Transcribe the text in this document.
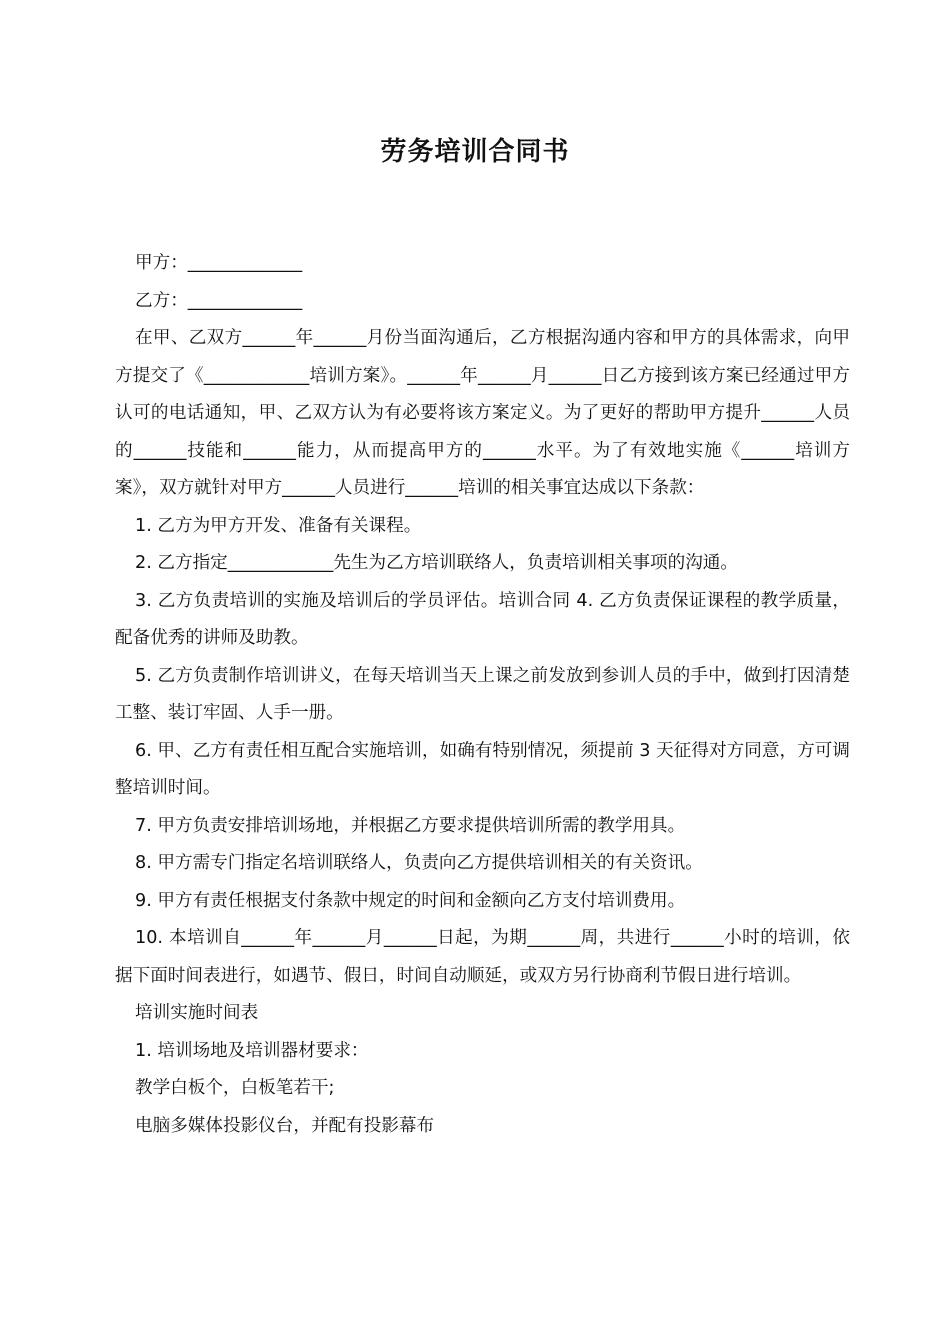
劳务培训合同书

甲方：_____________

乙方：_____________

在甲、乙双方______年______月份当面沟通后，乙方根据沟通内容和甲方的具体需求，向甲方提交了《____________培训方案》。______年______月______日乙方接到该方案已经通过甲方认可的电话通知，甲、乙双方认为有必要将该方案定义。为了更好的帮助甲方提升______人员的______技能和______能力，从而提高甲方的______水平。为了有效地实施《______培训方案》，双方就针对甲方______人员进行______培训的相关事宜达成以下条款：

1. 乙方为甲方开发、准备有关课程。

2. 乙方指定____________先生为乙方培训联络人，负责培训相关事项的沟通。

3. 乙方负责培训的实施及培训后的学员评估。培训合同 4. 乙方负责保证课程的教学质量，配备优秀的讲师及助教。

5. 乙方负责制作培训讲义，在每天培训当天上课之前发放到参训人员的手中，做到打因清楚工整、装订牢固、人手一册。

6. 甲、乙方有责任相互配合实施培训，如确有特别情况，须提前 3 天征得对方同意，方可调整培训时间。

7. 甲方负责安排培训场地，并根据乙方要求提供培训所需的教学用具。

8. 甲方需专门指定名培训联络人，负责向乙方提供培训相关的有关资讯。

9. 甲方有责任根据支付条款中规定的时间和金额向乙方支付培训费用。

10. 本培训自______年______月______日起，为期______周，共进行______小时的培训，依据下面时间表进行，如遇节、假日，时间自动顺延，或双方另行协商利节假日进行培训。

培训实施时间表

1. 培训场地及培训器材要求：

教学白板个，白板笔若干;

电脑多媒体投影仪台，并配有投影幕布
